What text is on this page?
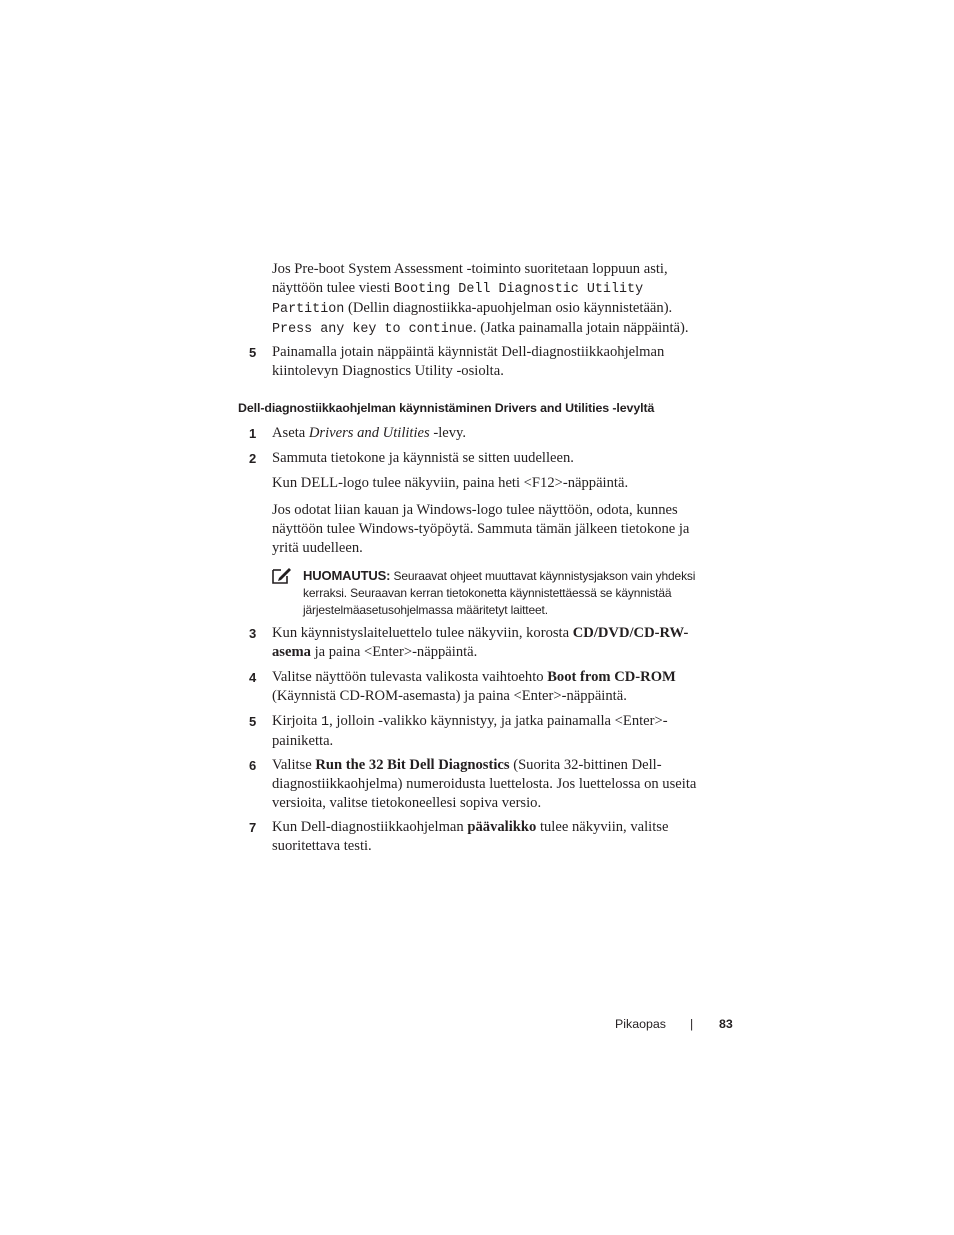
Jos Pre-boot System Assessment -toiminto suoritetaan loppuun asti,
näyttöön tulee viesti Booting Dell Diagnostic Utility
Partition (Dellin diagnostiikka-apuohjelman osio käynnistetään).
Press any key to continue. (Jatka painamalla jotain näppäintä).
5 Painamalla jotain näppäintä käynnistät Dell-diagnostiikkaohjelman
kiintolevyn Diagnostics Utility -osiolta.
Dell-diagnostiikkaohjelman käynnistäminen Drivers and Utilities -levyltä
1 Aseta Drivers and Utilities -levy.
2 Sammuta tietokone ja käynnistä se sitten uudelleen.
Kun DELL-logo tulee näkyviin, paina heti <F12>-näppäintä.
Jos odotat liian kauan ja Windows-logo tulee näyttöön, odota, kunnes
näyttöön tulee Windows-työpöytä. Sammuta tämän jälkeen tietokone ja
yritä uudelleen.
HUOMAUTUS: Seuraavat ohjeet muuttavat käynnistysjakson vain yhdeksi
kerraksi. Seuraavan kerran tietokonetta käynnistettäessä se käynnistää
järjestelmäasetusohjelmassa määritetyt laitteet.
3 Kun käynnistyslaiteluettelo tulee näkyviin, korosta CD/DVD/CD-RW-
asema ja paina <Enter>-näppäintä.
4 Valitse näyttöön tulevasta valikosta vaihtoehto Boot from CD-ROM
(Käynnistä CD-ROM-asemasta) ja paina <Enter>-näppäintä.
5 Kirjoita 1, jolloin -valikko käynnistyy, ja jatka painamalla <Enter>-
painiketta.
6 Valitse Run the 32 Bit Dell Diagnostics (Suorita 32-bittinen Dell-
diagnostiikkaohjelma) numeroidusta luettelosta. Jos luettelossa on useita
versioita, valitse tietokoneellesi sopiva versio.
7 Kun Dell-diagnostiikkaohjelman päävalikko tulee näkyviin, valitse
suoritettava testi.
Pikaopas | 83
